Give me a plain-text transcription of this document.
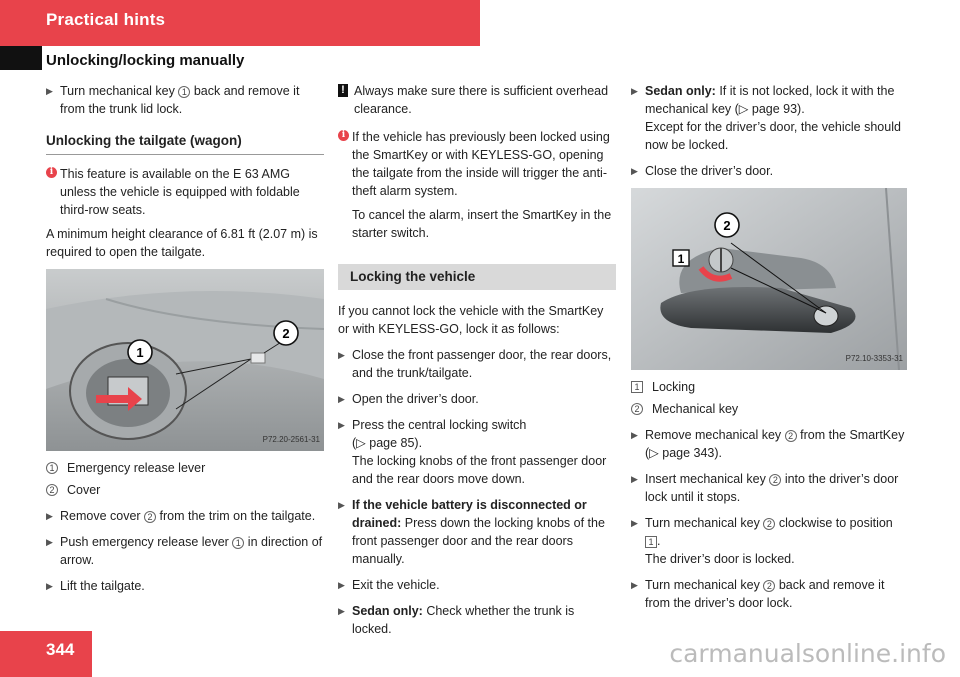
Practical hints
Unlocking/locking manually
▶ Turn mechanical key 1 back and remove it from the trunk lid lock.
Unlocking the tailgate (wagon)
i This feature is available on the E 63 AMG unless the vehicle is equipped with foldable third-row seats.
A minimum height clearance of 6.81 ft (2.07 m) is required to open the tailgate.
1
2
P72.20-2561-31
1 Emergency release lever
2 Cover
▶ Remove cover 2 from the trim on the tailgate.
▶ Push emergency release lever 1 in direction of arrow.
▶ Lift the tailgate.
! Always make sure there is sufficient overhead clearance.
i If the vehicle has previously been locked using the SmartKey or with KEYLESS-GO, opening the tailgate from the inside will trigger the anti-theft alarm system.
To cancel the alarm, insert the SmartKey in the starter switch.
Locking the vehicle
If you cannot lock the vehicle with the SmartKey or with KEYLESS-GO, lock it as follows:
▶ Close the front passenger door, the rear doors, and the trunk/tailgate.
▶ Open the driver’s door.
▶ Press the central locking switch
(▷ page 85).
The locking knobs of the front passenger door and the rear doors move down.
▶ If the vehicle battery is disconnected or drained: Press down the locking knobs of the front passenger door and the rear doors manually.
▶ Exit the vehicle.
▶ Sedan only: Check whether the trunk is locked.
▶ Sedan only: If it is not locked, lock it with the mechanical key (▷ page 93).
Except for the driver’s door, the vehicle should now be locked.
▶ Close the driver’s door.
1
2
P72.10-3353-31
1 Locking
2 Mechanical key
▶ Remove mechanical key 2 from the SmartKey (▷ page 343).
▶ Insert mechanical key 2 into the driver’s door lock until it stops.
▶ Turn mechanical key 2 clockwise to position 1 .
The driver’s door is locked.
▶ Turn mechanical key 2 back and remove it from the driver’s door lock.
344	carmanualsonline.info
